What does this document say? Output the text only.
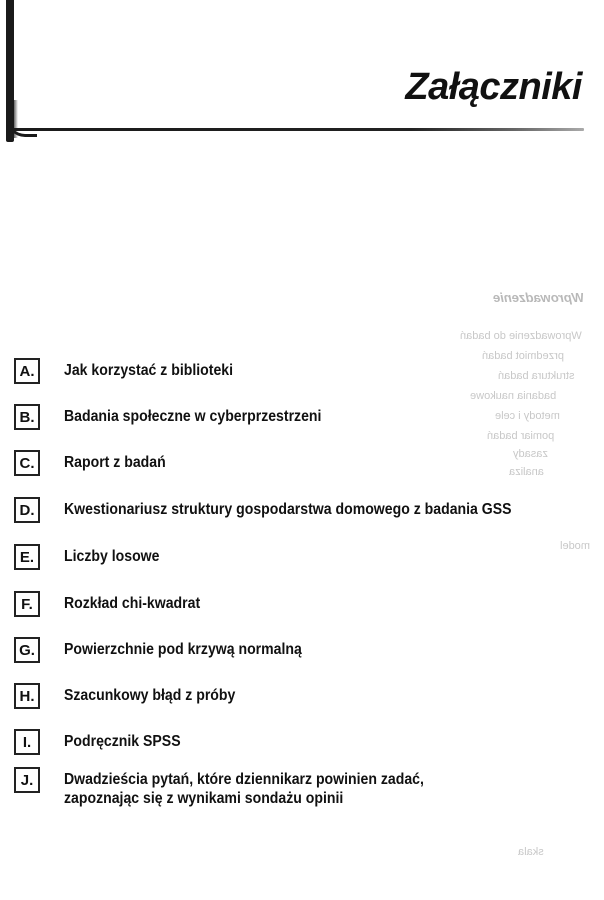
Załączniki
Wprowadzenie
Wprowadzenie do badań
przedmiot badań
struktura badań
badania naukowe
metody i cele
pomiar badań
zasady
analiza
model
skala
A.	Jak korzystać z biblioteki
B.	Badania społeczne w cyberprzestrzeni
C.	Raport z badań
D.	Kwestionariusz struktury gospodarstwa domowego z badania GSS
E.	Liczby losowe
F.	Rozkład chi-kwadrat
G.	Powierzchnie pod krzywą normalną
H.	Szacunkowy błąd z próby
I.	Podręcznik SPSS
J.	Dwadzieścia pytań, które dziennikarz powinien zadać,
zapoznając się z wynikami sondażu opinii
